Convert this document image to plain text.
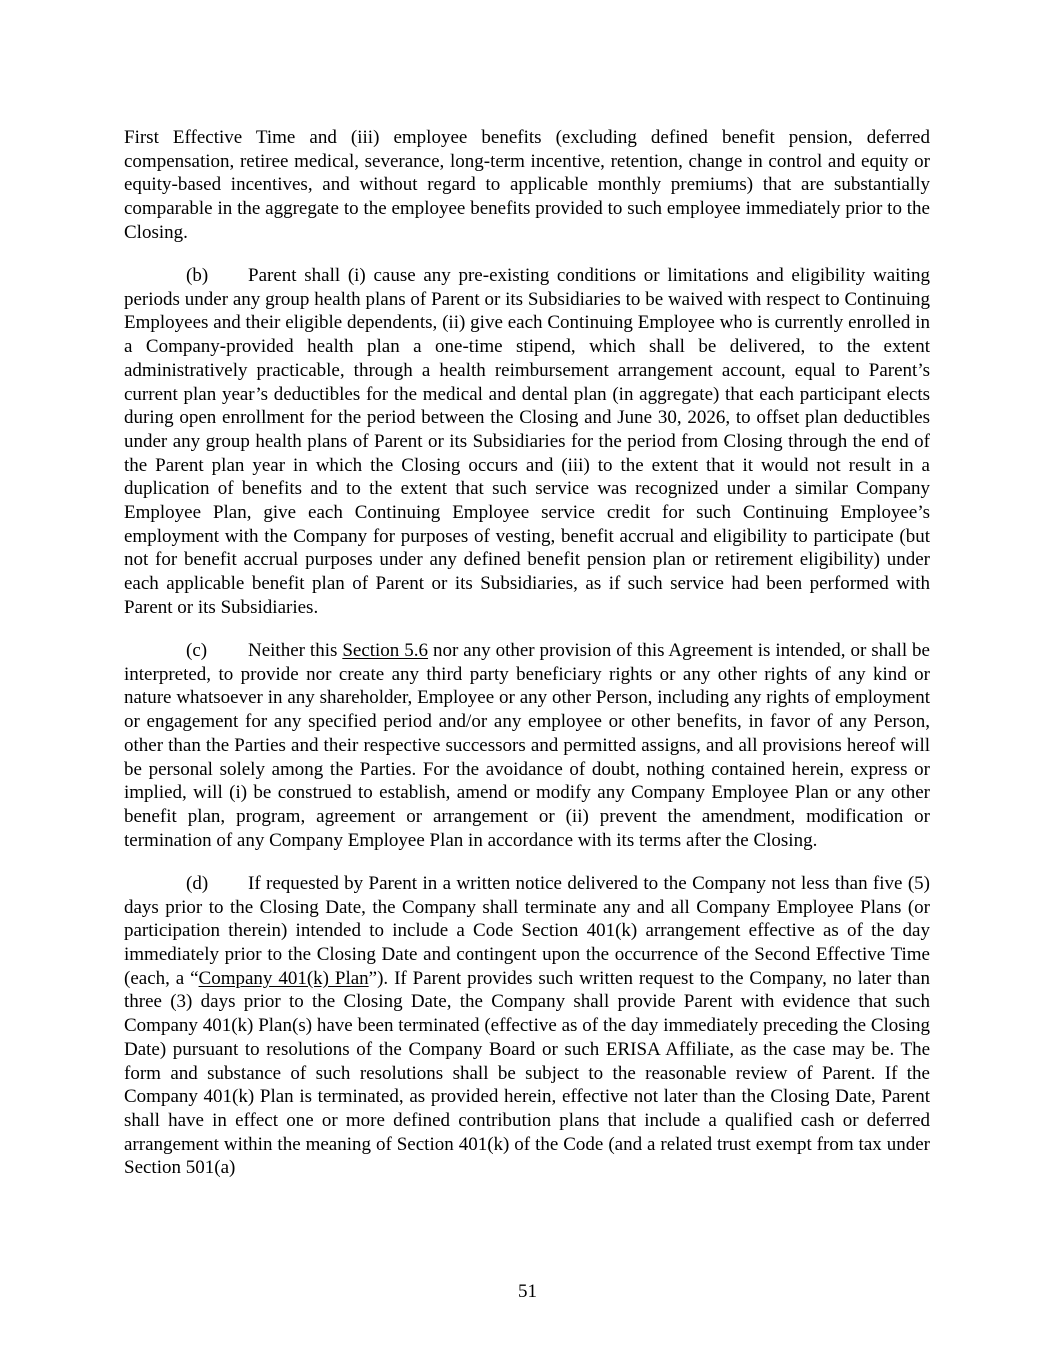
First Effective Time and (iii) employee benefits (excluding defined benefit pension, deferred compensation, retiree medical, severance, long-term incentive, retention, change in control and equity or equity-based incentives, and without regard to applicable monthly premiums) that are substantially comparable in the aggregate to the employee benefits provided to such employee immediately prior to the Closing.

(b) Parent shall (i) cause any pre-existing conditions or limitations and eligibility waiting periods under any group health plans of Parent or its Subsidiaries to be waived with respect to Continuing Employees and their eligible dependents, (ii) give each Continuing Employee who is currently enrolled in a Company-provided health plan a one-time stipend, which shall be delivered, to the extent administratively practicable, through a health reimbursement arrangement account, equal to Parent’s current plan year’s deductibles for the medical and dental plan (in aggregate) that each participant elects during open enrollment for the period between the Closing and June 30, 2026, to offset plan deductibles under any group health plans of Parent or its Subsidiaries for the period from Closing through the end of the Parent plan year in which the Closing occurs and (iii) to the extent that it would not result in a duplication of benefits and to the extent that such service was recognized under a similar Company Employee Plan, give each Continuing Employee service credit for such Continuing Employee’s employment with the Company for purposes of vesting, benefit accrual and eligibility to participate (but not for benefit accrual purposes under any defined benefit pension plan or retirement eligibility) under each applicable benefit plan of Parent or its Subsidiaries, as if such service had been performed with Parent or its Subsidiaries.

(c) Neither this Section 5.6 nor any other provision of this Agreement is intended, or shall be interpreted, to provide nor create any third party beneficiary rights or any other rights of any kind or nature whatsoever in any shareholder, Employee or any other Person, including any rights of employment or engagement for any specified period and/or any employee or other benefits, in favor of any Person, other than the Parties and their respective successors and permitted assigns, and all provisions hereof will be personal solely among the Parties. For the avoidance of doubt, nothing contained herein, express or implied, will (i) be construed to establish, amend or modify any Company Employee Plan or any other benefit plan, program, agreement or arrangement or (ii) prevent the amendment, modification or termination of any Company Employee Plan in accordance with its terms after the Closing.

(d) If requested by Parent in a written notice delivered to the Company not less than five (5) days prior to the Closing Date, the Company shall terminate any and all Company Employee Plans (or participation therein) intended to include a Code Section 401(k) arrangement effective as of the day immediately prior to the Closing Date and contingent upon the occurrence of the Second Effective Time (each, a “Company 401(k) Plan”). If Parent provides such written request to the Company, no later than three (3) days prior to the Closing Date, the Company shall provide Parent with evidence that such Company 401(k) Plan(s) have been terminated (effective as of the day immediately preceding the Closing Date) pursuant to resolutions of the Company Board or such ERISA Affiliate, as the case may be. The form and substance of such resolutions shall be subject to the reasonable review of Parent. If the Company 401(k) Plan is terminated, as provided herein, effective not later than the Closing Date, Parent shall have in effect one or more defined contribution plans that include a qualified cash or deferred arrangement within the meaning of Section 401(k) of the Code (and a related trust exempt from tax under Section 501(a)

51
